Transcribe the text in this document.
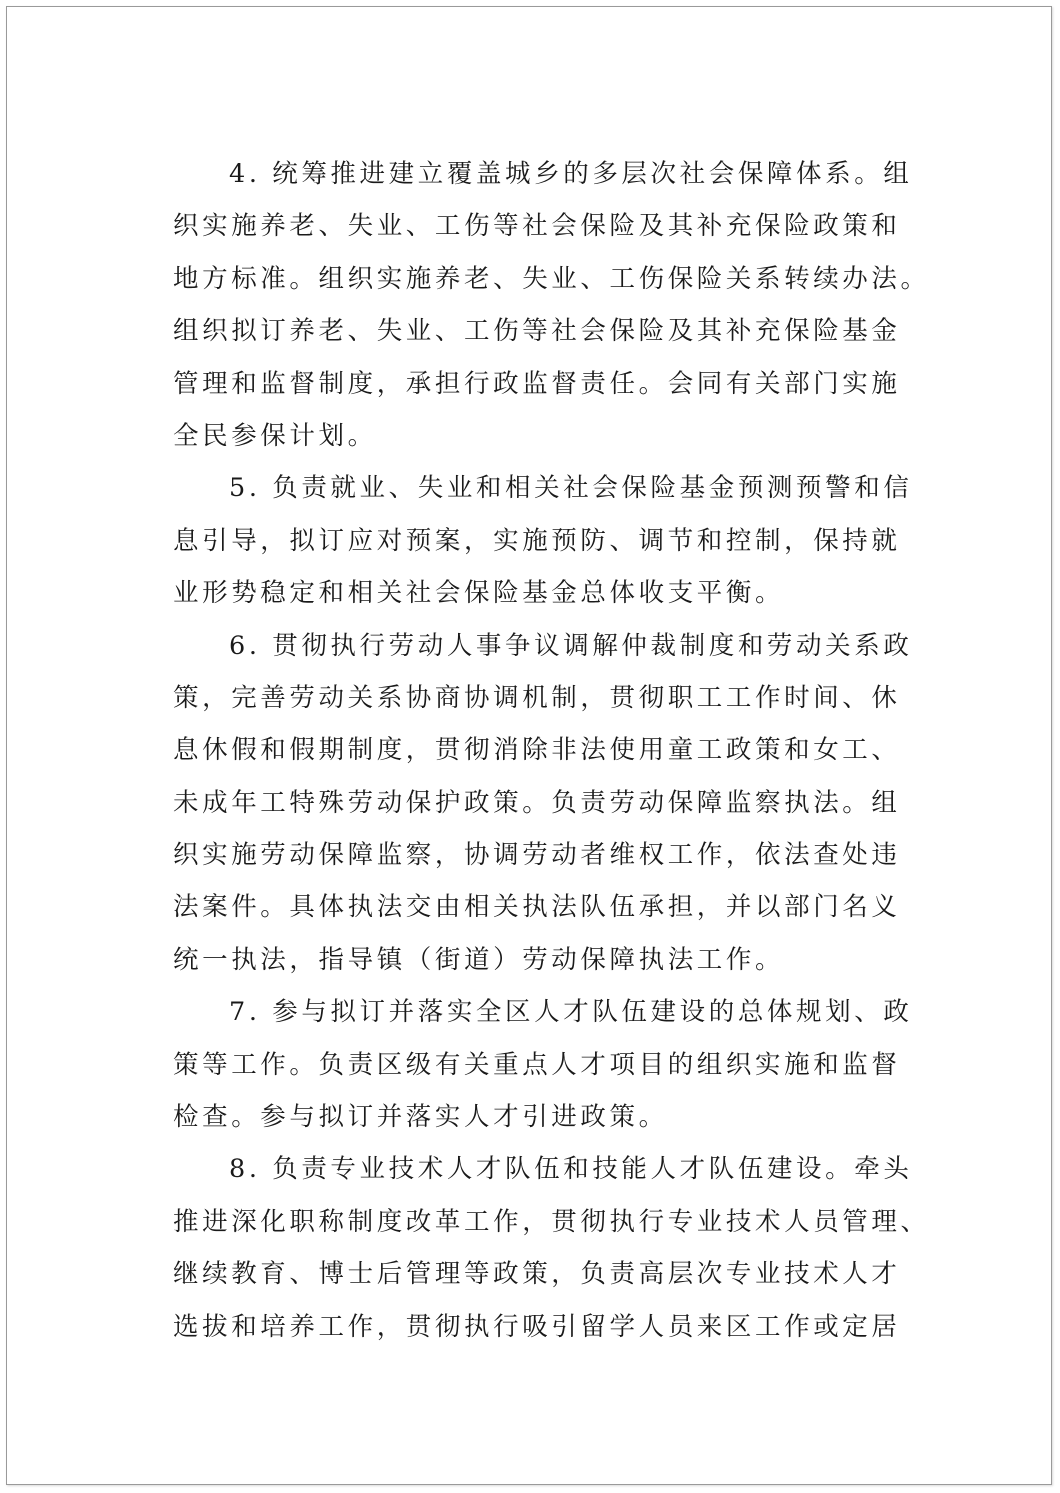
4. 统筹推进建立覆盖城乡的多层次社会保障体系。组
织实施养老、失业、工伤等社会保险及其补充保险政策和
地方标准。组织实施养老、失业、工伤保险关系转续办法。
组织拟订养老、失业、工伤等社会保险及其补充保险基金
管理和监督制度，承担行政监督责任。会同有关部门实施
全民参保计划。
5. 负责就业、失业和相关社会保险基金预测预警和信
息引导，拟订应对预案，实施预防、调节和控制，保持就
业形势稳定和相关社会保险基金总体收支平衡。
6. 贯彻执行劳动人事争议调解仲裁制度和劳动关系政
策，完善劳动关系协商协调机制，贯彻职工工作时间、休
息休假和假期制度，贯彻消除非法使用童工政策和女工、
未成年工特殊劳动保护政策。负责劳动保障监察执法。组
织实施劳动保障监察，协调劳动者维权工作，依法查处违
法案件。具体执法交由相关执法队伍承担，并以部门名义
统一执法，指导镇（街道）劳动保障执法工作。
7. 参与拟订并落实全区人才队伍建设的总体规划、政
策等工作。负责区级有关重点人才项目的组织实施和监督
检查。参与拟订并落实人才引进政策。
8. 负责专业技术人才队伍和技能人才队伍建设。牵头
推进深化职称制度改革工作，贯彻执行专业技术人员管理、
继续教育、博士后管理等政策，负责高层次专业技术人才
选拔和培养工作，贯彻执行吸引留学人员来区工作或定居
